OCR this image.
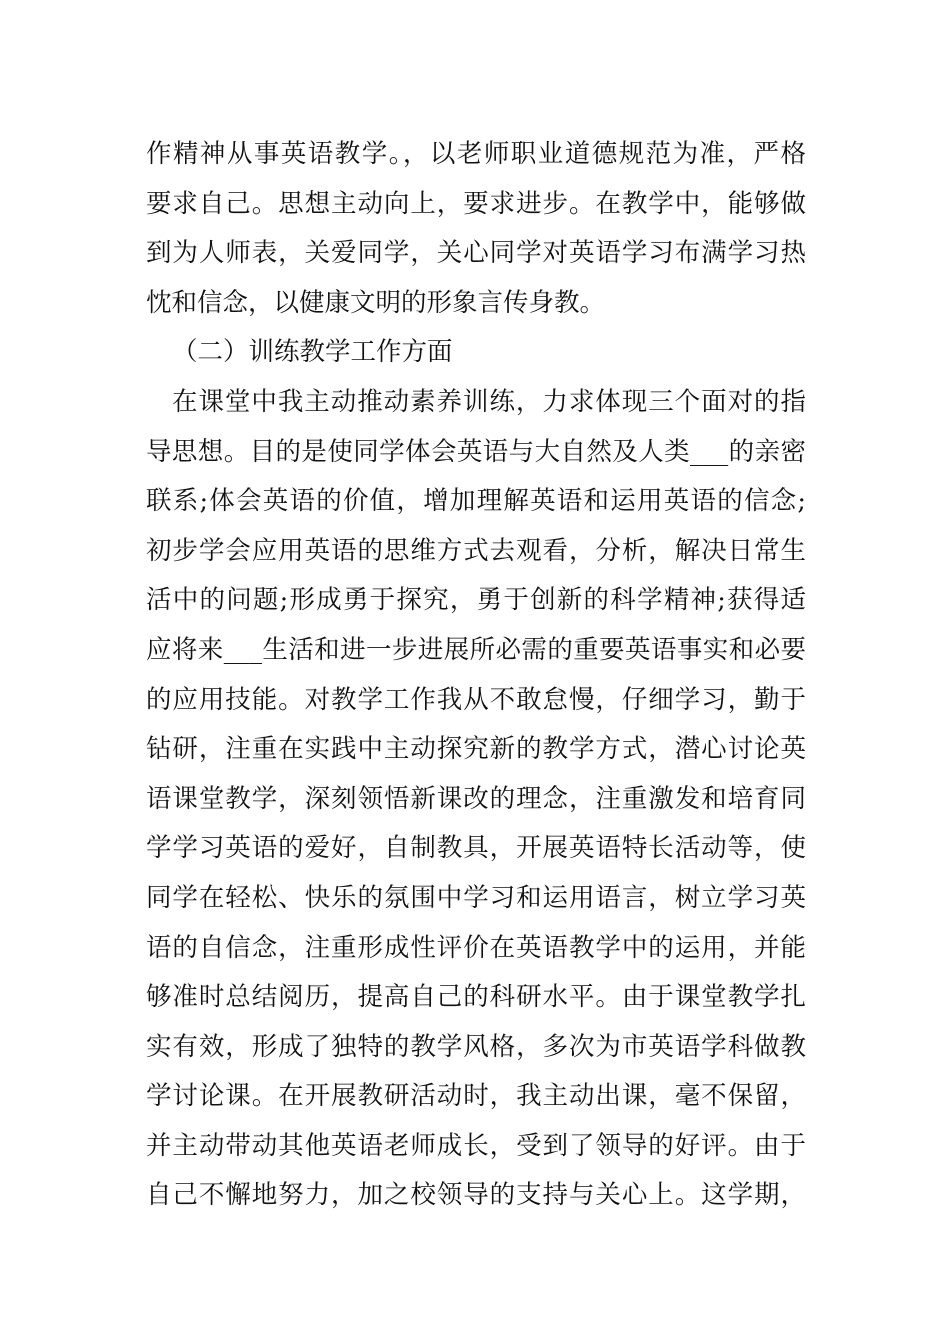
作精神从事英语教学。，以老师职业道德规范为准，严格
要求自己。思想主动向上，要求进步。在教学中，能够做
到为人师表，关爱同学，关心同学对英语学习布满学习热
忱和信念，以健康文明的形象言传身教。
（二）训练教学工作方面
在课堂中我主动推动素养训练，力求体现三个面对的指
导思想。目的是使同学体会英语与大自然及人类___的亲密
联系;体会英语的价值，增加理解英语和运用英语的信念;
初步学会应用英语的思维方式去观看，分析，解决日常生
活中的问题;形成勇于探究，勇于创新的科学精神;获得适
应将来___生活和进一步进展所必需的重要英语事实和必要
的应用技能。对教学工作我从不敢怠慢，仔细学习，勤于
钻研，注重在实践中主动探究新的教学方式，潜心讨论英
语课堂教学，深刻领悟新课改的理念，注重激发和培育同
学学习英语的爱好，自制教具，开展英语特长活动等，使
同学在轻松、快乐的氛围中学习和运用语言，树立学习英
语的自信念，注重形成性评价在英语教学中的运用，并能
够准时总结阅历，提高自己的科研水平。由于课堂教学扎
实有效，形成了独特的教学风格，多次为市英语学科做教
学讨论课。在开展教研活动时，我主动出课，毫不保留，
并主动带动其他英语老师成长，受到了领导的好评。由于
自己不懈地努力，加之校领导的支持与关心上。这学期，
